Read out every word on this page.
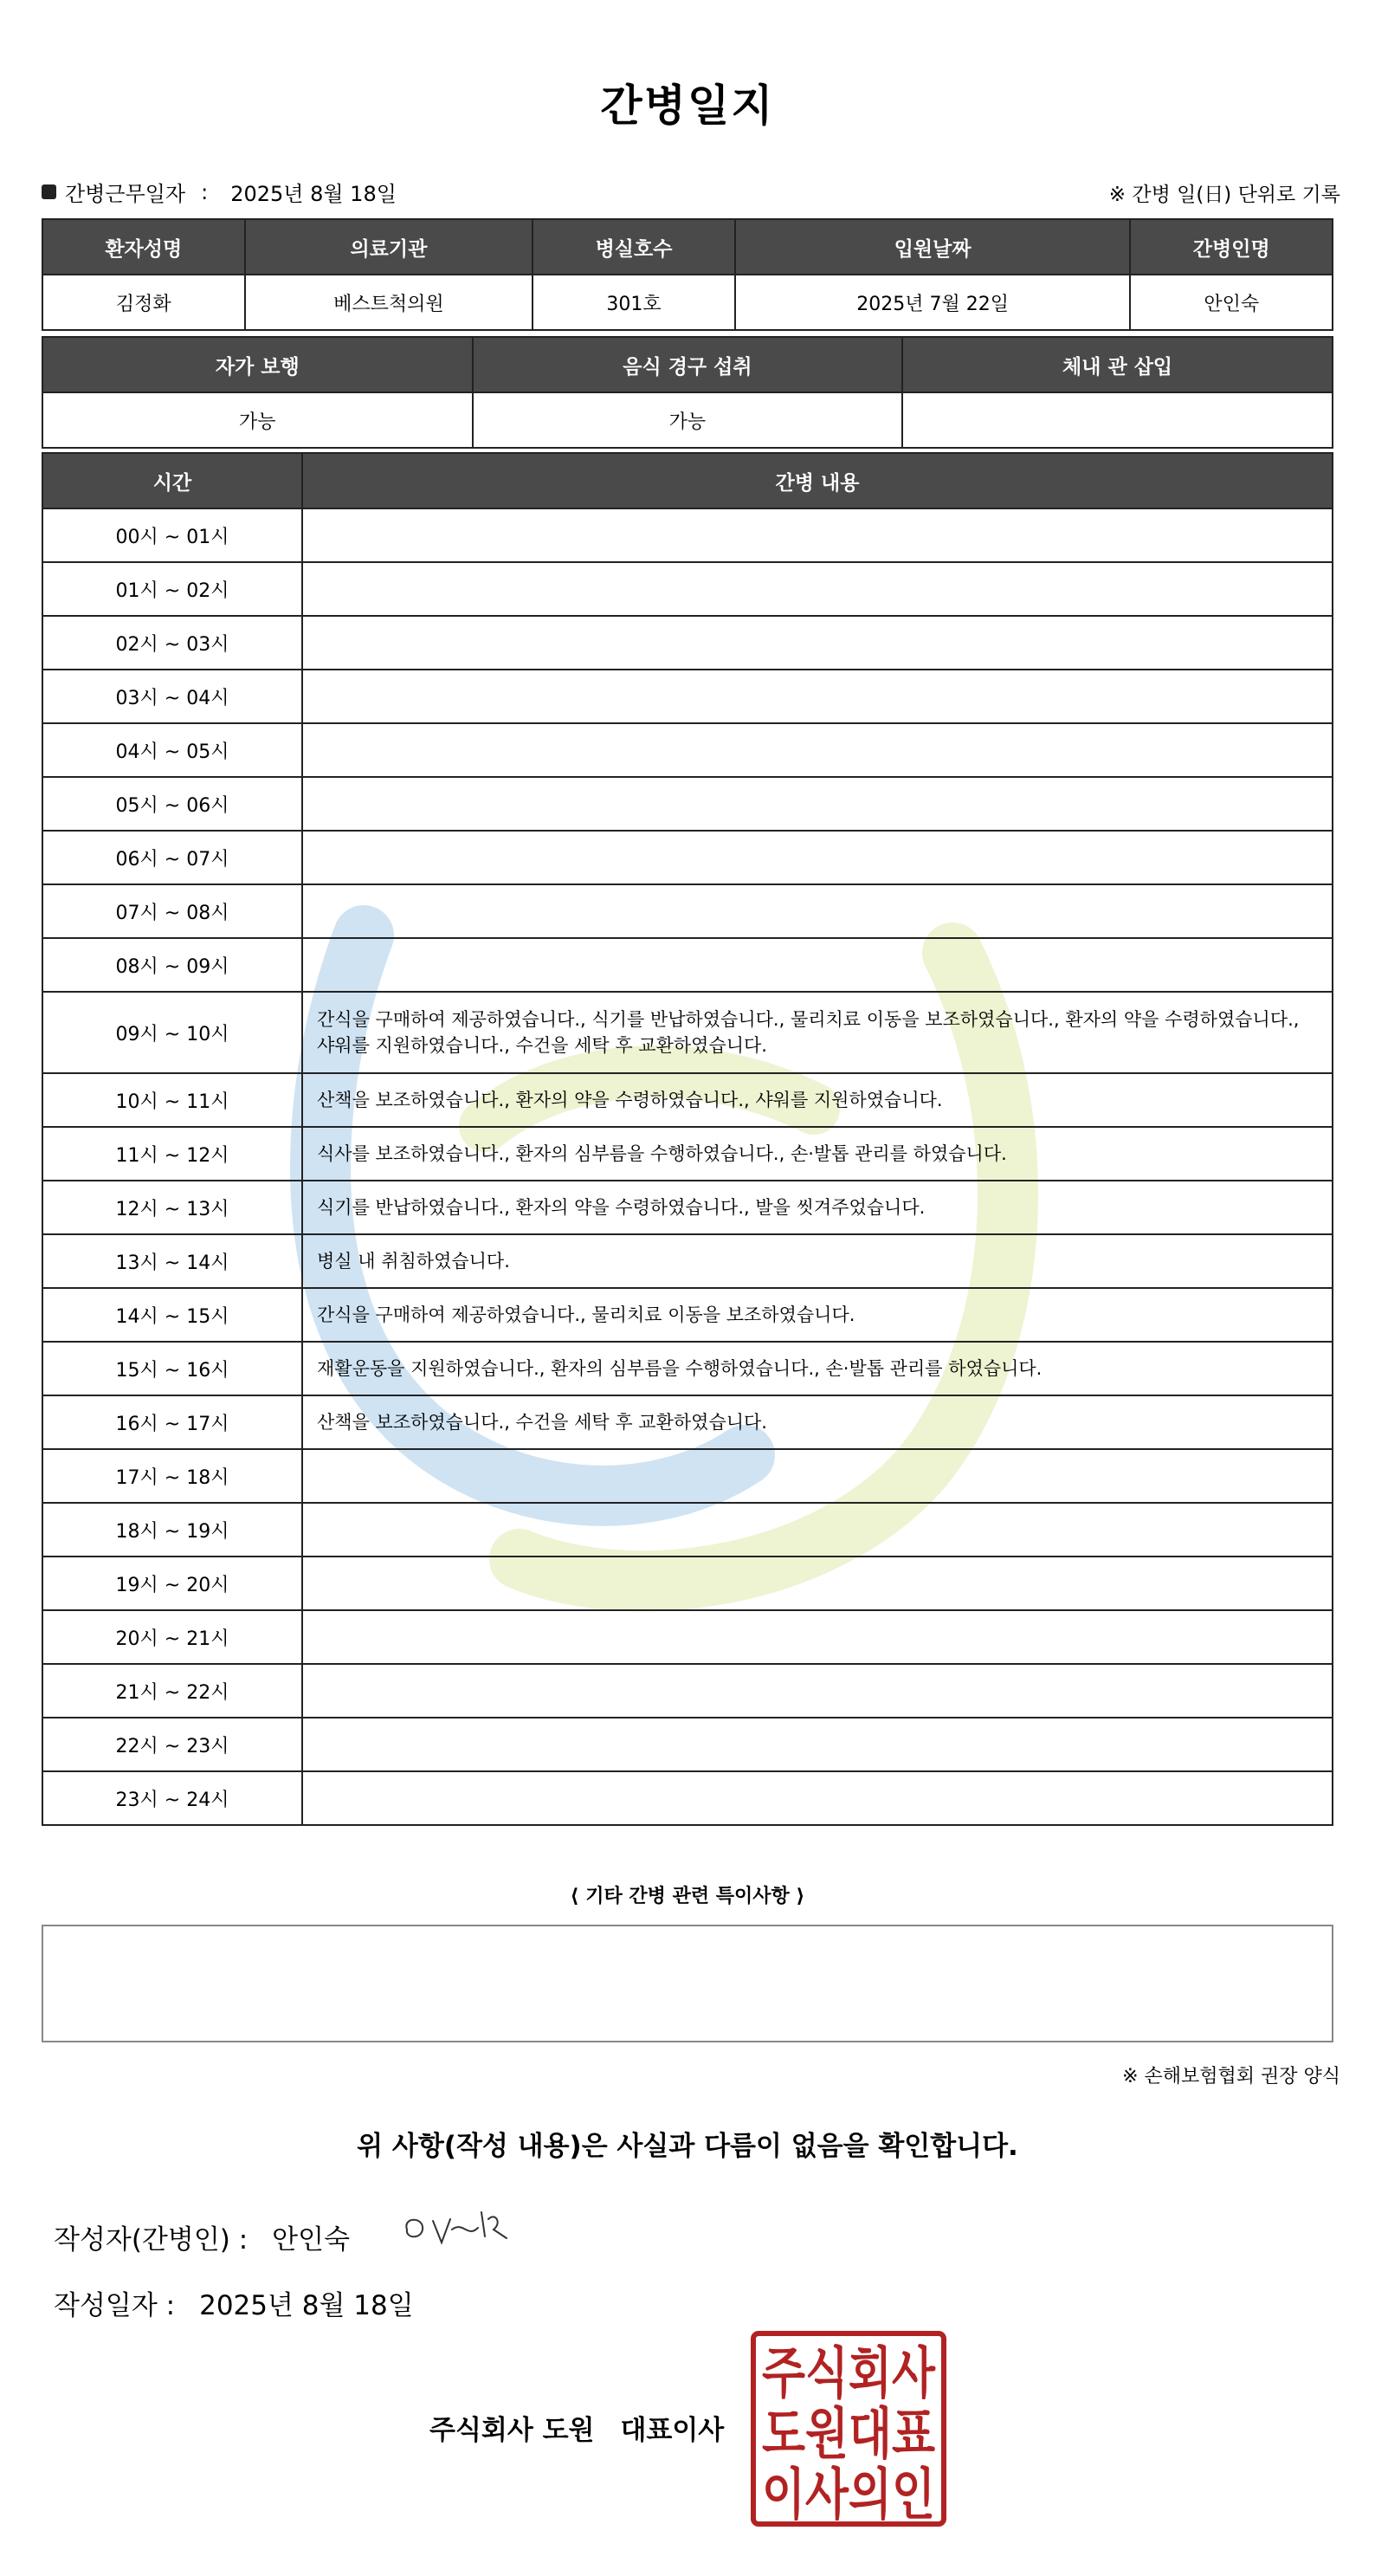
간병일지
간병근무일자 : 2025년 8월 18일	※ 간병 일(日) 단위로 기록
환자성명	의료기관	병실호수	입원날짜	간병인명
김정화	베스트척의원	301호	2025년 7월 22일	안인숙
자가 보행	음식 경구 섭취	체내 관 삽입
가능	가능	
시간	간병 내용
00시 ~ 01시	
01시 ~ 02시	
02시 ~ 03시	
03시 ~ 04시	
04시 ~ 05시	
05시 ~ 06시	
06시 ~ 07시	
07시 ~ 08시	
08시 ~ 09시	
09시 ~ 10시	간식을 구매하여 제공하였습니다., 식기를 반납하였습니다., 물리치료 이동을 보조하였습니다., 환자의 약을 수령하였습니다., 샤워를 지원하였습니다., 수건을 세탁 후 교환하였습니다.
10시 ~ 11시	산책을 보조하였습니다., 환자의 약을 수령하였습니다., 샤워를 지원하였습니다.
11시 ~ 12시	식사를 보조하였습니다., 환자의 심부름을 수행하였습니다., 손·발톱 관리를 하였습니다.
12시 ~ 13시	식기를 반납하였습니다., 환자의 약을 수령하였습니다., 발을 씻겨주었습니다.
13시 ~ 14시	병실 내 취침하였습니다.
14시 ~ 15시	간식을 구매하여 제공하였습니다., 물리치료 이동을 보조하였습니다.
15시 ~ 16시	재활운동을 지원하였습니다., 환자의 심부름을 수행하였습니다., 손·발톱 관리를 하였습니다.
16시 ~ 17시	산책을 보조하였습니다., 수건을 세탁 후 교환하였습니다.
17시 ~ 18시	
18시 ~ 19시	
19시 ~ 20시	
20시 ~ 21시	
21시 ~ 22시	
22시 ~ 23시	
23시 ~ 24시	
⟨ 기타 간병 관련 특이사항 ⟩
※ 손해보험협회 권장 양식
위 사항(작성 내용)은 사실과 다름이 없음을 확인합니다.
작성자(간병인) : 안인숙
작성일자 : 2025년 8월 18일
주식회사 도원 대표이사
주식회사
도원대표
이사의인
